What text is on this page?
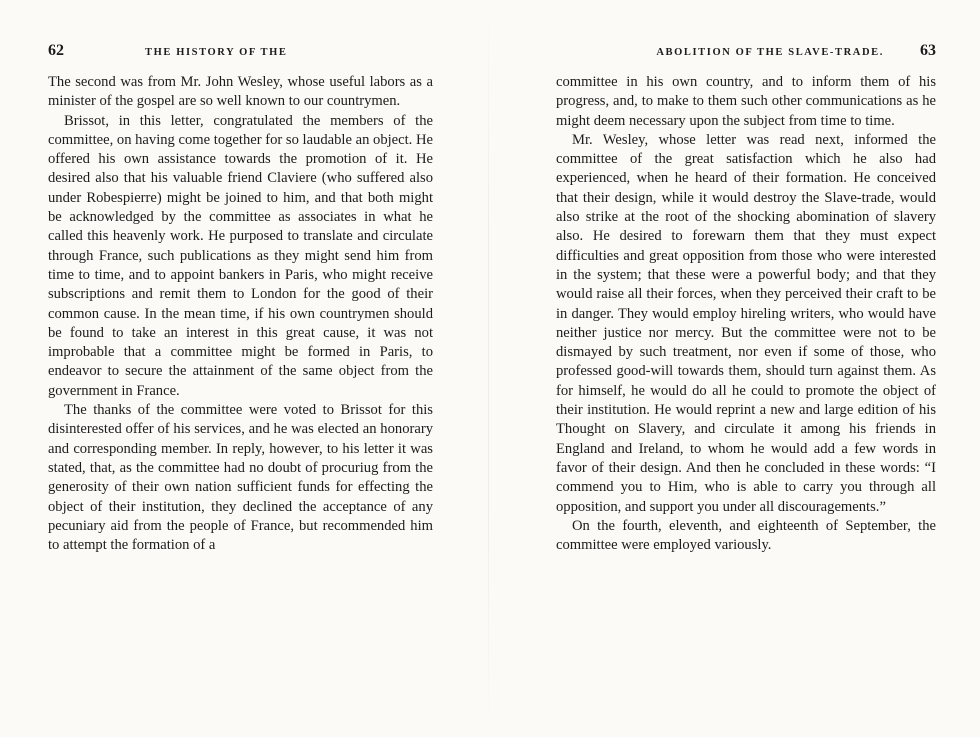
62	THE HISTORY OF THE

The second was from Mr. John Wesley, whose useful labors as a minister of the gospel are so well known to our countrymen.

Brissot, in this letter, congratulated the members of the committee, on having come together for so laudable an object. He offered his own assistance towards the promotion of it. He desired also that his valuable friend Claviere (who suffered also under Robespierre) might be joined to him, and that both might be acknowledged by the committee as associates in what he called this heavenly work. He purposed to translate and circulate through France, such publications as they might send him from time to time, and to appoint bankers in Paris, who might receive subscriptions and remit them to London for the good of their common cause. In the mean time, if his own countrymen should be found to take an interest in this great cause, it was not improbable that a committee might be formed in Paris, to endeavor to secure the attainment of the same object from the government in France.

The thanks of the committee were voted to Brissot for this disinterested offer of his services, and he was elected an honorary and corresponding member. In reply, however, to his letter it was stated, that, as the committee had no doubt of procuriug from the generosity of their own nation sufficient funds for effecting the object of their institution, they declined the acceptance of any pecuniary aid from the people of France, but recommended him to attempt the formation of a

ABOLITION OF THE SLAVE-TRADE. 63

committee in his own country, and to inform them of his progress, and, to make to them such other communications as he might deem necessary upon the subject from time to time.

Mr. Wesley, whose letter was read next, informed the committee of the great satisfaction which he also had experienced, when he heard of their formation. He conceived that their design, while it would destroy the Slave-trade, would also strike at the root of the shocking abomination of slavery also. He desired to forewarn them that they must expect difficulties and great opposition from those who were interested in the system; that these were a powerful body; and that they would raise all their forces, when they perceived their craft to be in danger. They would employ hireling writers, who would have neither justice nor mercy. But the committee were not to be dismayed by such treatment, nor even if some of those, who professed good-will towards them, should turn against them. As for himself, he would do all he could to promote the object of their institution. He would reprint a new and large edition of his Thought on Slavery, and circulate it among his friends in England and Ireland, to whom he would add a few words in favor of their design. And then he concluded in these words: “I commend you to Him, who is able to carry you through all opposition, and support you under all discouragements.”

On the fourth, eleventh, and eighteenth of September, the committee were employed variously.
